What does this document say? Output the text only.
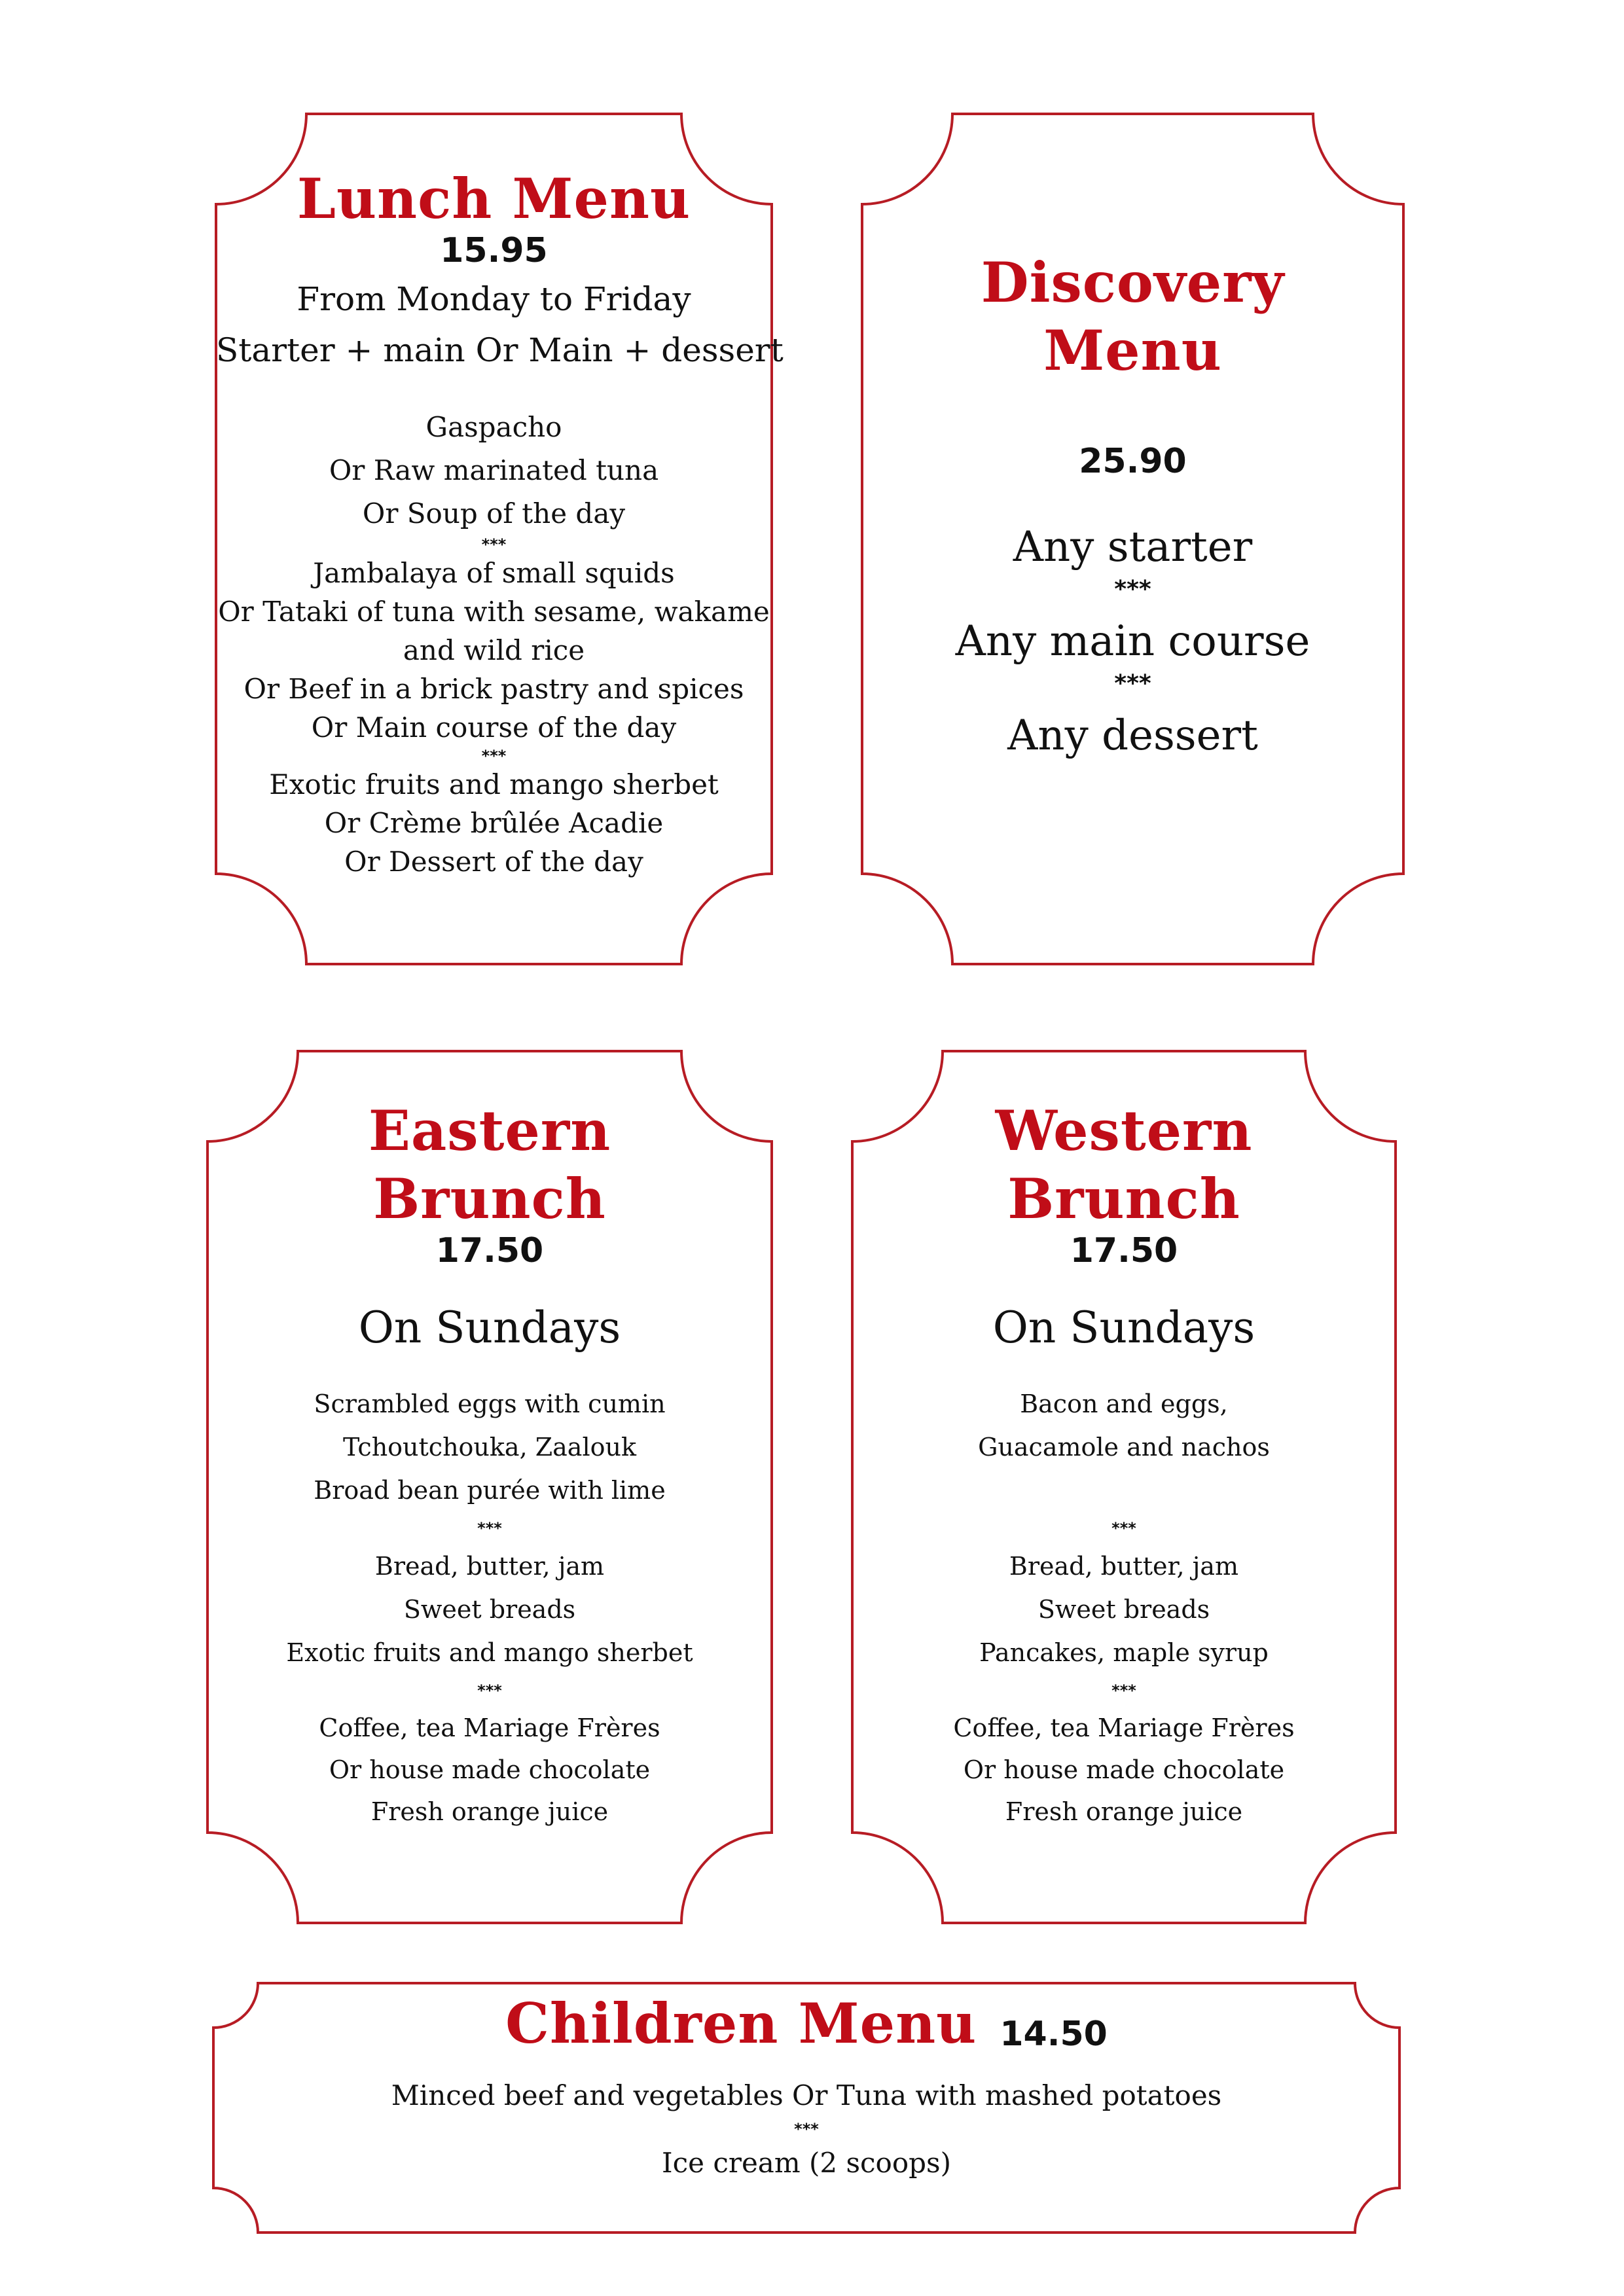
Lunch Menu
15.95
From Monday to Friday
Starter + main Or Main + dessert
Gaspacho
Or Raw marinated tuna
Or Soup of the day
***
Jambalaya of small squids
Or Tataki of tuna with sesame, wakame
and wild rice
Or Beef in a brick pastry and spices
Or Main course of the day
***
Exotic fruits and mango sherbet
Or Crème brûlée Acadie
Or Dessert of the day
Discovery
Menu
25.90
Any starter
***
Any main course
***
Any dessert
Eastern
Brunch
17.50
On Sundays
Scrambled eggs with cumin
Tchoutchouka, Zaalouk
Broad bean purée with lime
***
Bread, butter, jam
Sweet breads
Exotic fruits and mango sherbet
***
Coffee, tea Mariage Frères
Or house made chocolate
Fresh orange juice
Western
Brunch
17.50
On Sundays
Bacon and eggs,
Guacamole and nachos
***
Bread, butter, jam
Sweet breads
Pancakes, maple syrup
***
Coffee, tea Mariage Frères
Or house made chocolate
Fresh orange juice
Children Menu 14.50
Minced beef and vegetables Or Tuna with mashed potatoes
***
Ice cream (2 scoops)
